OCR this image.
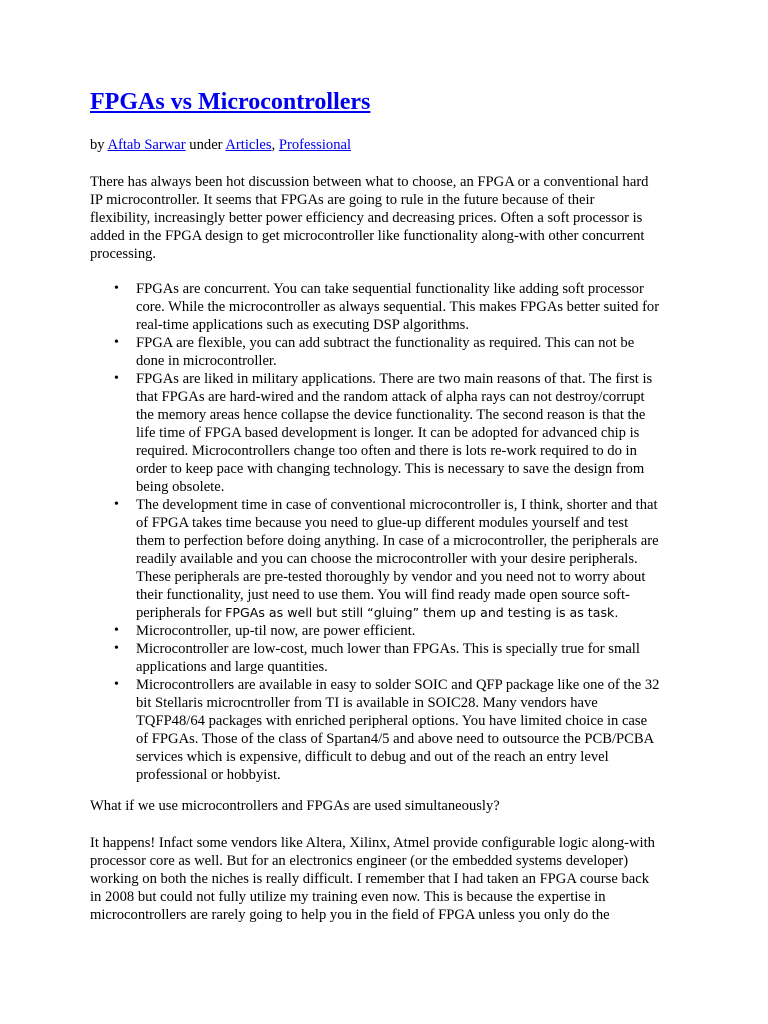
FPGAs vs Microcontrollers
by Aftab Sarwar under Articles, Professional

There has always been hot discussion between what to choose, an FPGA or a conventional hard
IP microcontroller. It seems that FPGAs are going to rule in the future because of their
flexibility, increasingly better power efficiency and decreasing prices. Often a soft processor is
added in the FPGA design to get microcontroller like functionality along-with other concurrent
processing.

• FPGAs are concurrent. You can take sequential functionality like adding soft processor
core. While the microcontroller as always sequential. This makes FPGAs better suited for
real-time applications such as executing DSP algorithms.
• FPGA are flexible, you can add subtract the functionality as required. This can not be
done in microcontroller.
• FPGAs are liked in military applications. There are two main reasons of that. The first is
that FPGAs are hard-wired and the random attack of alpha rays can not destroy/corrupt
the memory areas hence collapse the device functionality. The second reason is that the
life time of FPGA based development is longer. It can be adopted for advanced chip is
required. Microcontrollers change too often and there is lots re-work required to do in
order to keep pace with changing technology. This is necessary to save the design from
being obsolete.
• The development time in case of conventional microcontroller is, I think, shorter and that
of FPGA takes time because you need to glue-up different modules yourself and test
them to perfection before doing anything. In case of a microcontroller, the peripherals are
readily available and you can choose the microcontroller with your desire peripherals.
These peripherals are pre-tested thoroughly by vendor and you need not to worry about
their functionality, just need to use them. You will find ready made open source soft-
peripherals for FPGAs as well but still “gluing” them up and testing is as task.
• Microcontroller, up-til now, are power efficient.
• Microcontroller are low-cost, much lower than FPGAs. This is specially true for small
applications and large quantities.
• Microcontrollers are available in easy to solder SOIC and QFP package like one of the 32
bit Stellaris microcntroller from TI is available in SOIC28. Many vendors have
TQFP48/64 packages with enriched peripheral options. You have limited choice in case
of FPGAs. Those of the class of Spartan4/5 and above need to outsource the PCB/PCBA
services which is expensive, difficult to debug and out of the reach an entry level
professional or hobbyist.

What if we use microcontrollers and FPGAs are used simultaneously?

It happens! Infact some vendors like Altera, Xilinx, Atmel provide configurable logic along-with
processor core as well. But for an electronics engineer (or the embedded systems developer)
working on both the niches is really difficult. I remember that I had taken an FPGA course back
in 2008 but could not fully utilize my training even now. This is because the expertise in
microcontrollers are rarely going to help you in the field of FPGA unless you only do the
